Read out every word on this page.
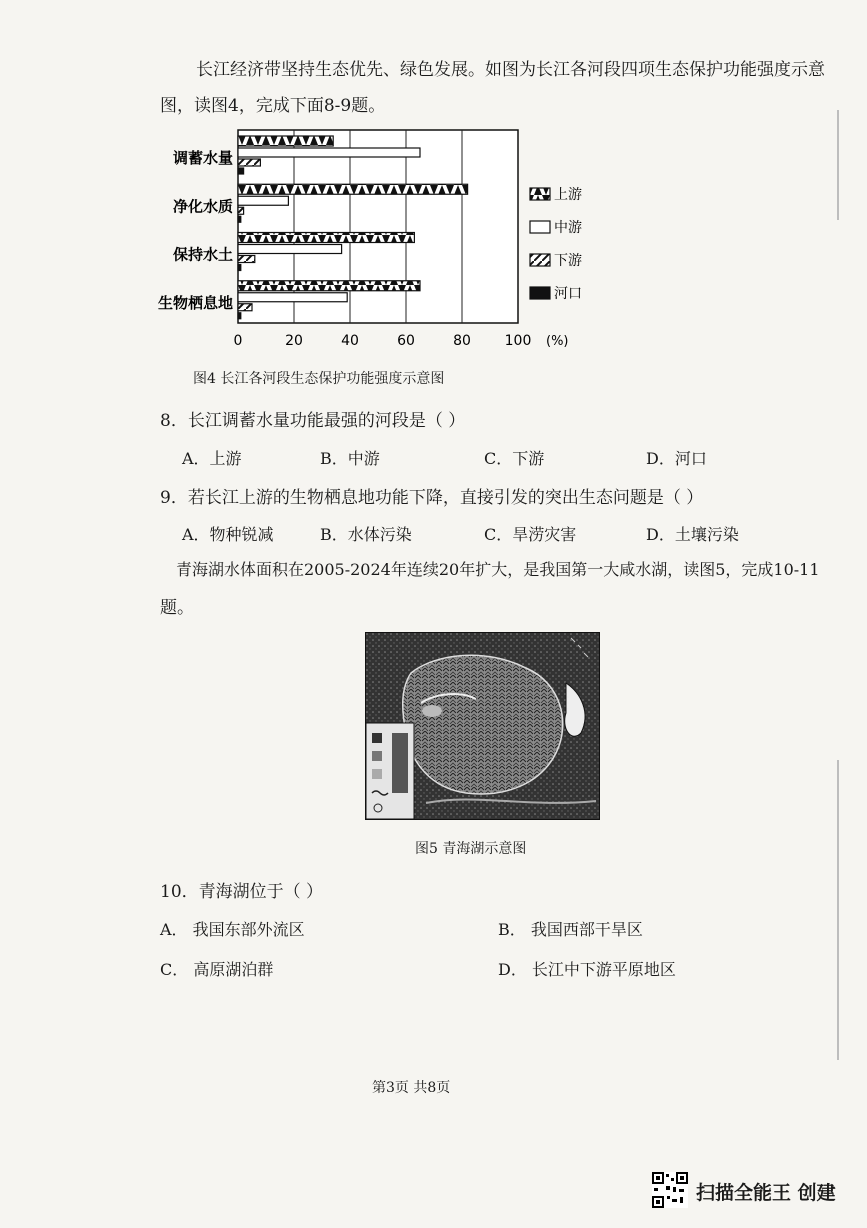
长江经济带坚持生态优先、绿色发展。如图为长江各河段四项生态保护功能强度示意
图，读图4，完成下面8-9题。
0	20	40	60	80 100 (%)
调蓄水量
净化水质
保持水土
生物栖息地
上游
中游
下游
河口
图4 长江各河段生态保护功能强度示意图
8．长江调蓄水量功能最强的河段是（ ）
A．上游	B．中游	C．下游	D．河口
9．若长江上游的生物栖息地功能下降，直接引发的突出生态问题是（ ）
A．物种锐减	B．水体污染	C．旱涝灾害	D．土壤污染
青海湖水体面积在2005-2024年连续20年扩大，是我国第一大咸水湖，读图5，完成10-11
题。
图5 青海湖示意图
10．青海湖位于（ ）
A． 我国东部外流区	B． 我国西部干旱区
C． 高原湖泊群	D． 长江中下游平原地区
第3页 共8页
扫描全能王 创建
